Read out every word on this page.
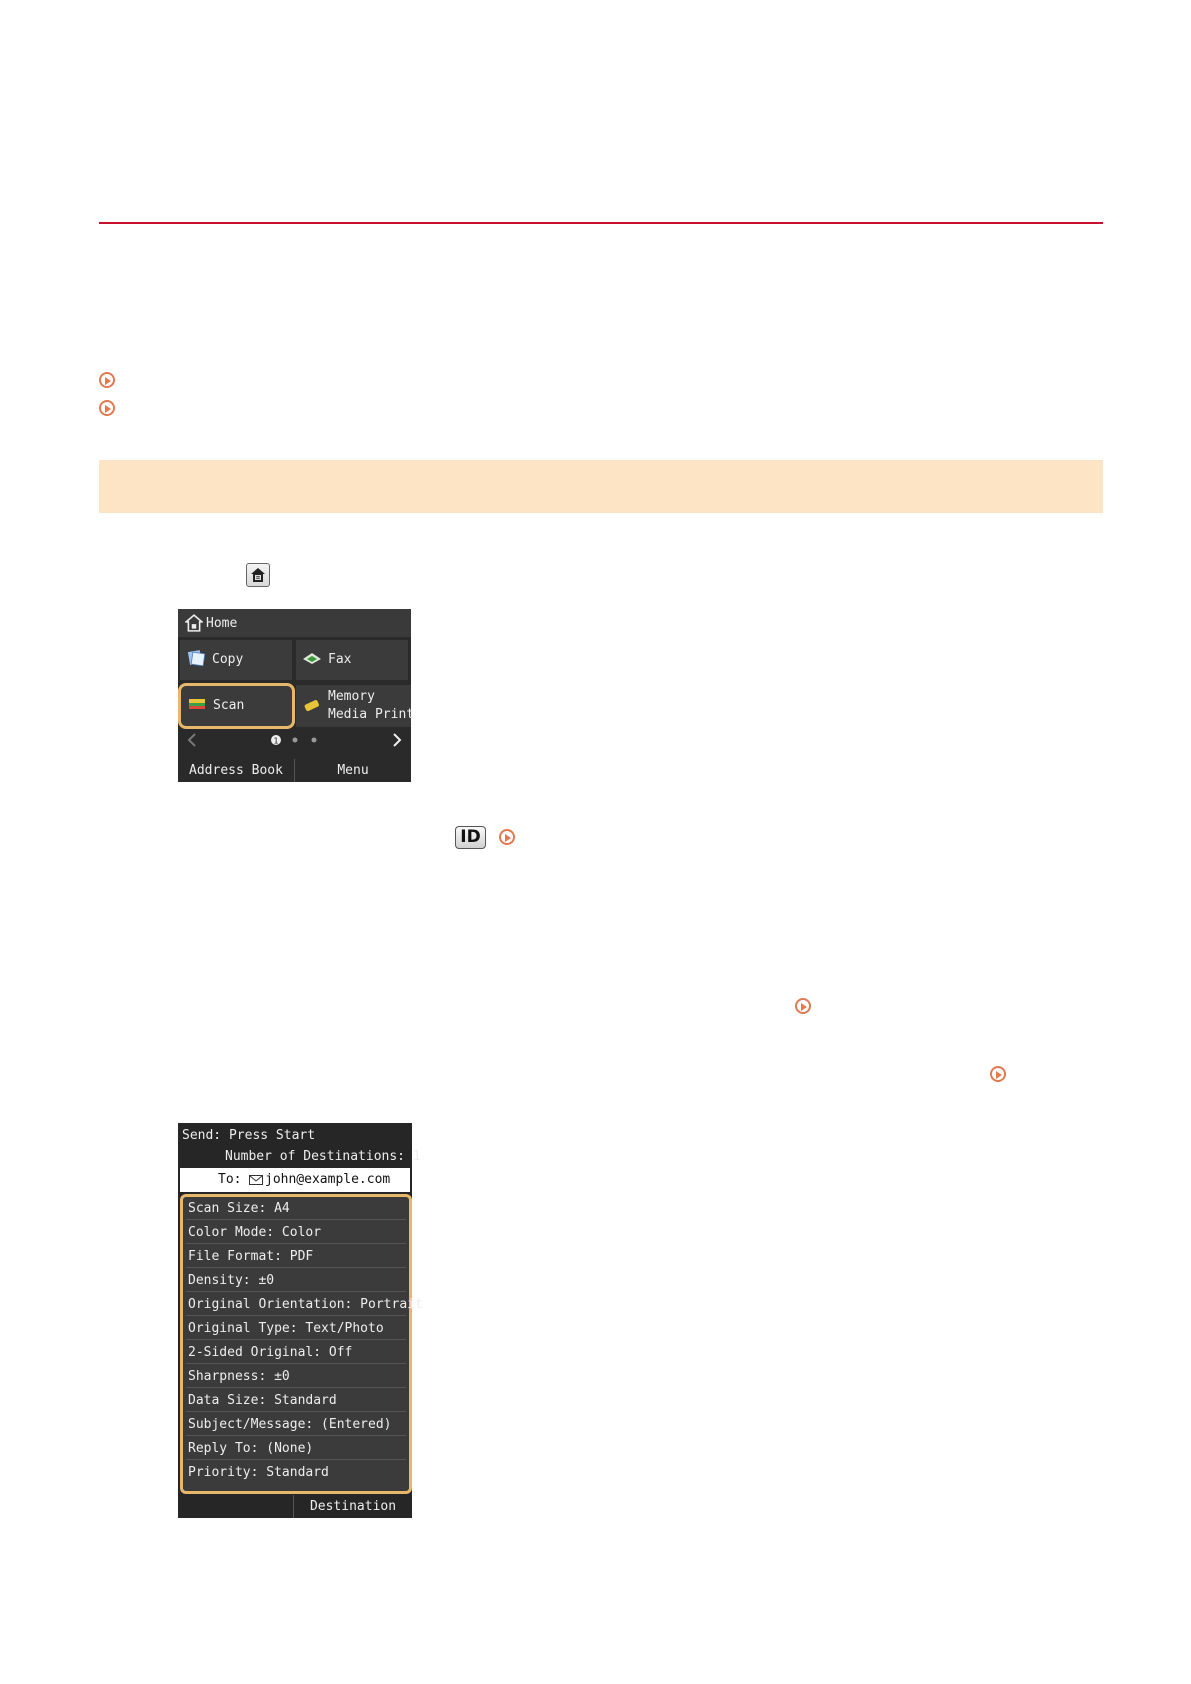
Home
Copy	Fax
Scan
Memory
Media Print
1
Address Book	Menu
ID
Send: Press Start
Number of Destinations: 1
To: john@example.com
Scan Size: A4
Color Mode: Color
File Format: PDF
Density: ±0
Original Orientation: Portrait
Original Type: Text/Photo
2-Sided Original: Off
Sharpness: ±0
Data Size: Standard
Subject/Message: (Entered)
Reply To: (None)
Priority: Standard
Destination
